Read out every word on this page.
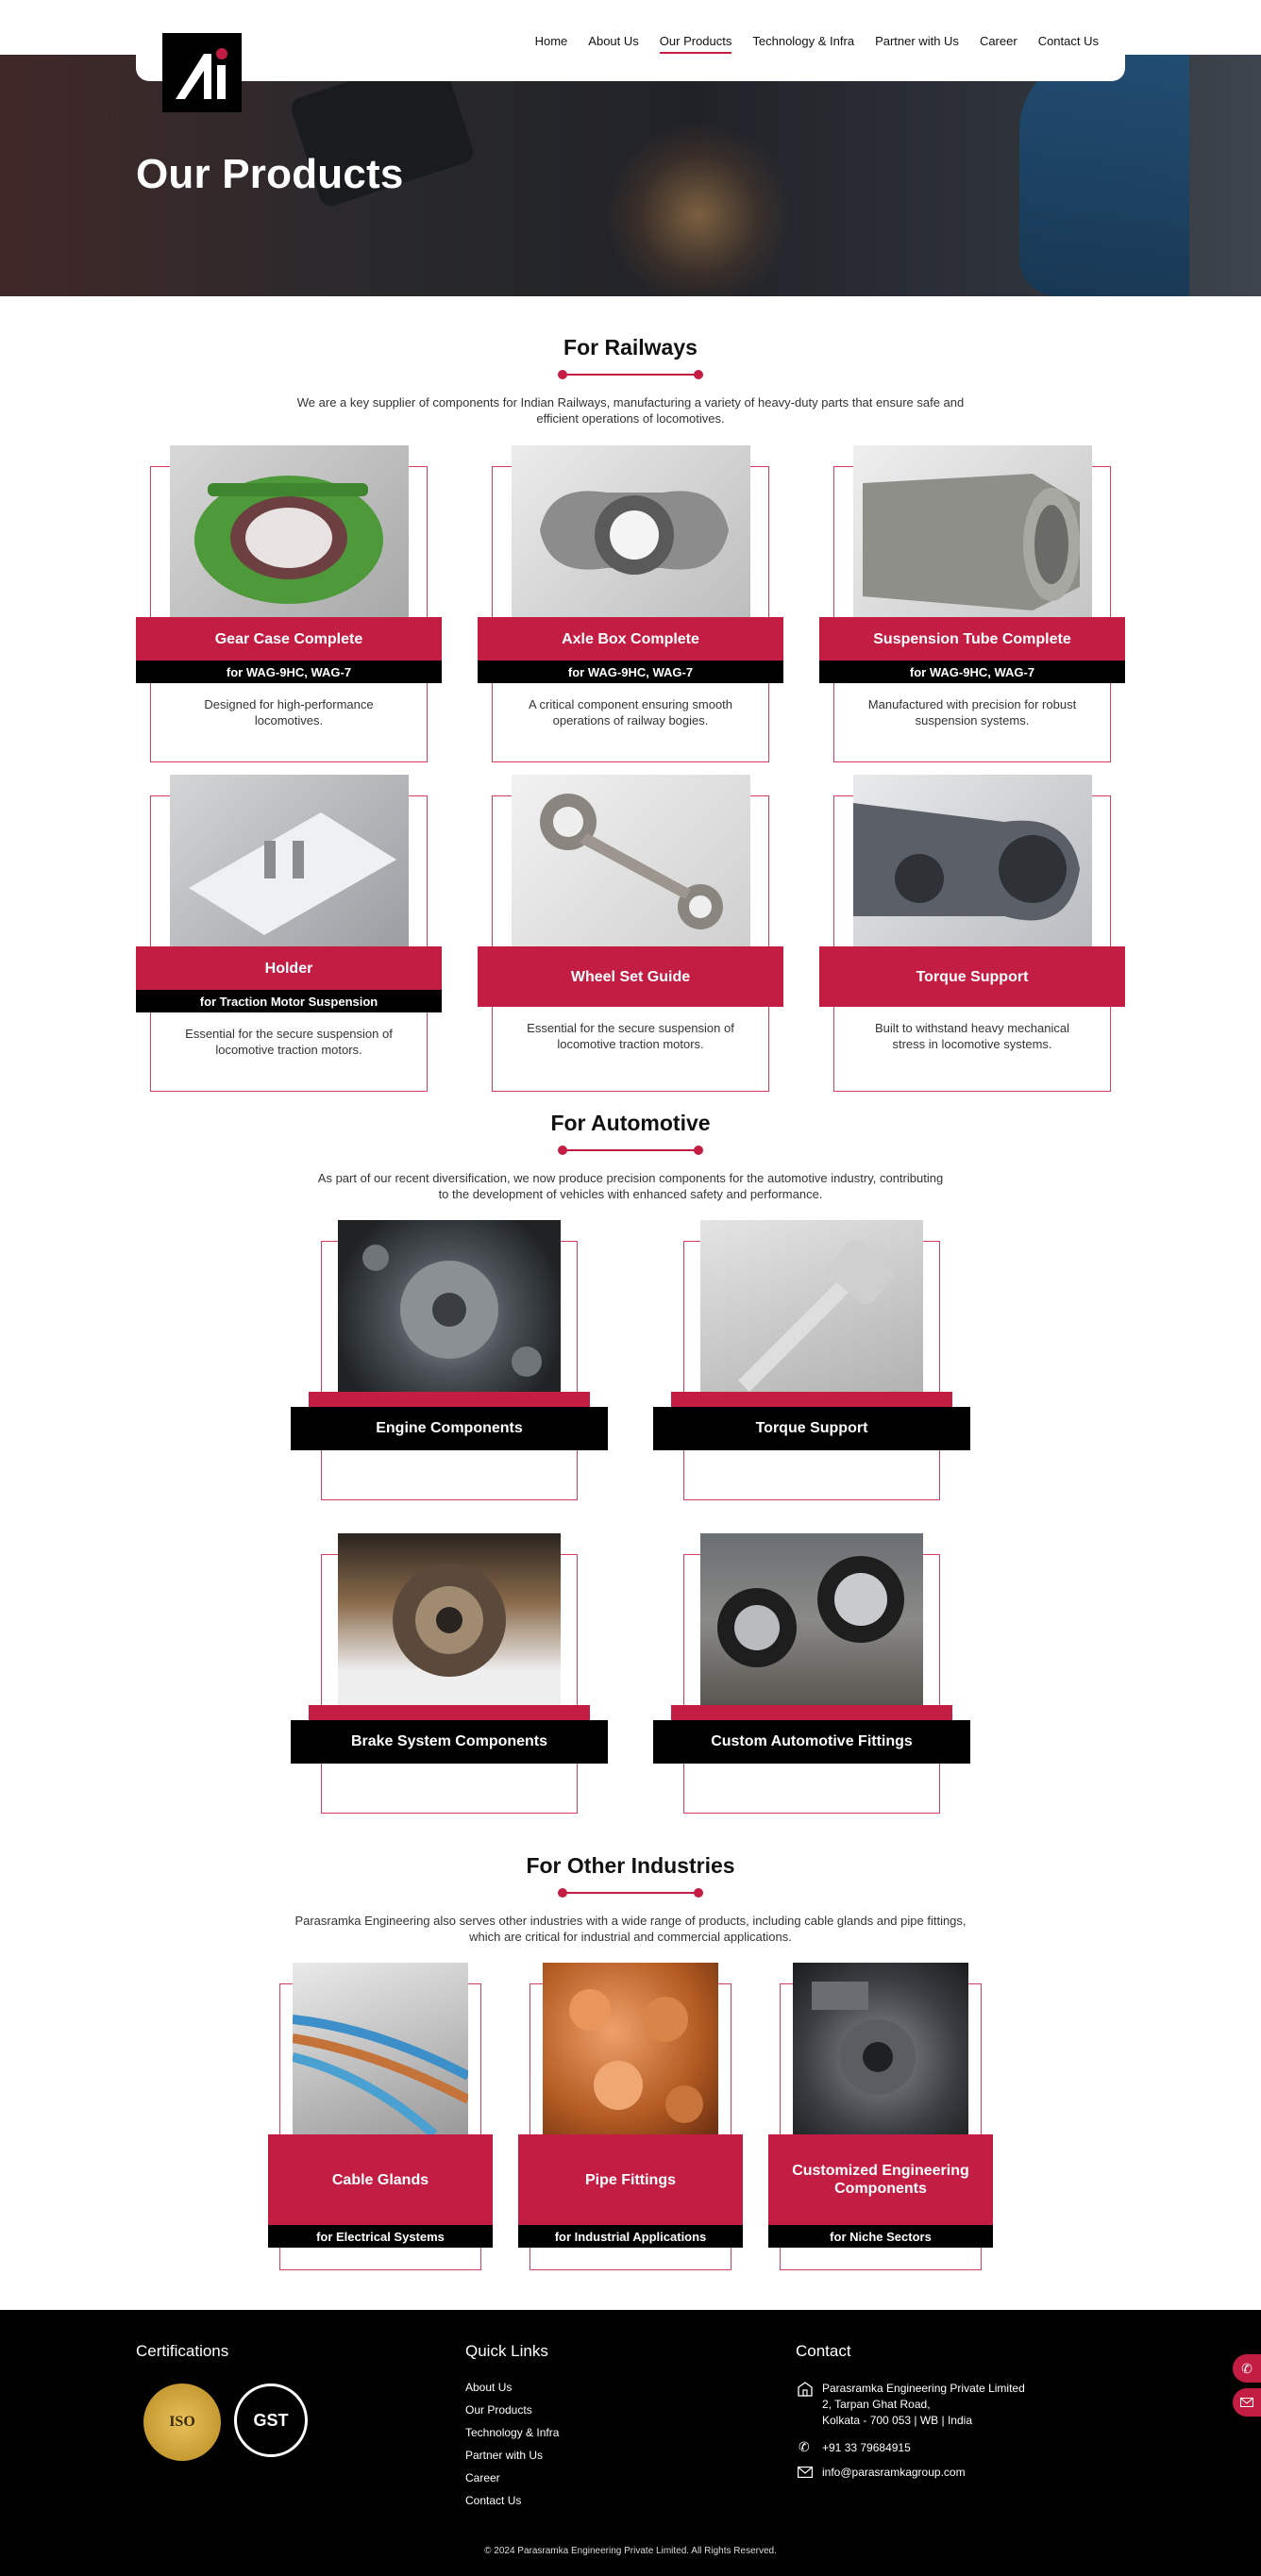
Our Products
Home About Us Our Products Technology & Infra Partner with Us Career Contact Us
For Railways
We are a key supplier of components for Indian Railways, manufacturing a variety of heavy-duty parts that ensure safe and efficient operations of locomotives.
Gear Case Complete
for WAG-9HC, WAG-7
Designed for high-performance locomotives.
Axle Box Complete
for WAG-9HC, WAG-7
A critical component ensuring smooth operations of railway bogies.
Suspension Tube Complete
for WAG-9HC, WAG-7
Manufactured with precision for robust suspension systems.
Holder
for Traction Motor Suspension
Essential for the secure suspension of locomotive traction motors.
Wheel Set Guide
Essential for the secure suspension of locomotive traction motors.
Torque Support
Built to withstand heavy mechanical stress in locomotive systems.
For Automotive
As part of our recent diversification, we now produce precision components for the automotive industry, contributing to the development of vehicles with enhanced safety and performance.
Engine Components	Torque Support
Brake System Components	Custom Automotive Fittings
For Other Industries
Parasramka Engineering also serves other industries with a wide range of products, including cable glands and pipe fittings, which are critical for industrial and commercial applications.
Cable Glands
for Electrical Systems
Pipe Fittings
for Industrial Applications
Customized Engineering Components
for Niche Sectors
Certifications
ISO	GST
Quick Links
About Us
Our Products
Technology & Infra
Partner with Us
Career
Contact Us
Contact
Parasramka Engineering Private Limited
2, Tarpan Ghat Road,
Kolkata - 700 053 | WB | India
✆ +91 33 79684915
info@parasramkagroup.com
© 2024 Parasramka Engineering Private Limited. All Rights Reserved.
✆
